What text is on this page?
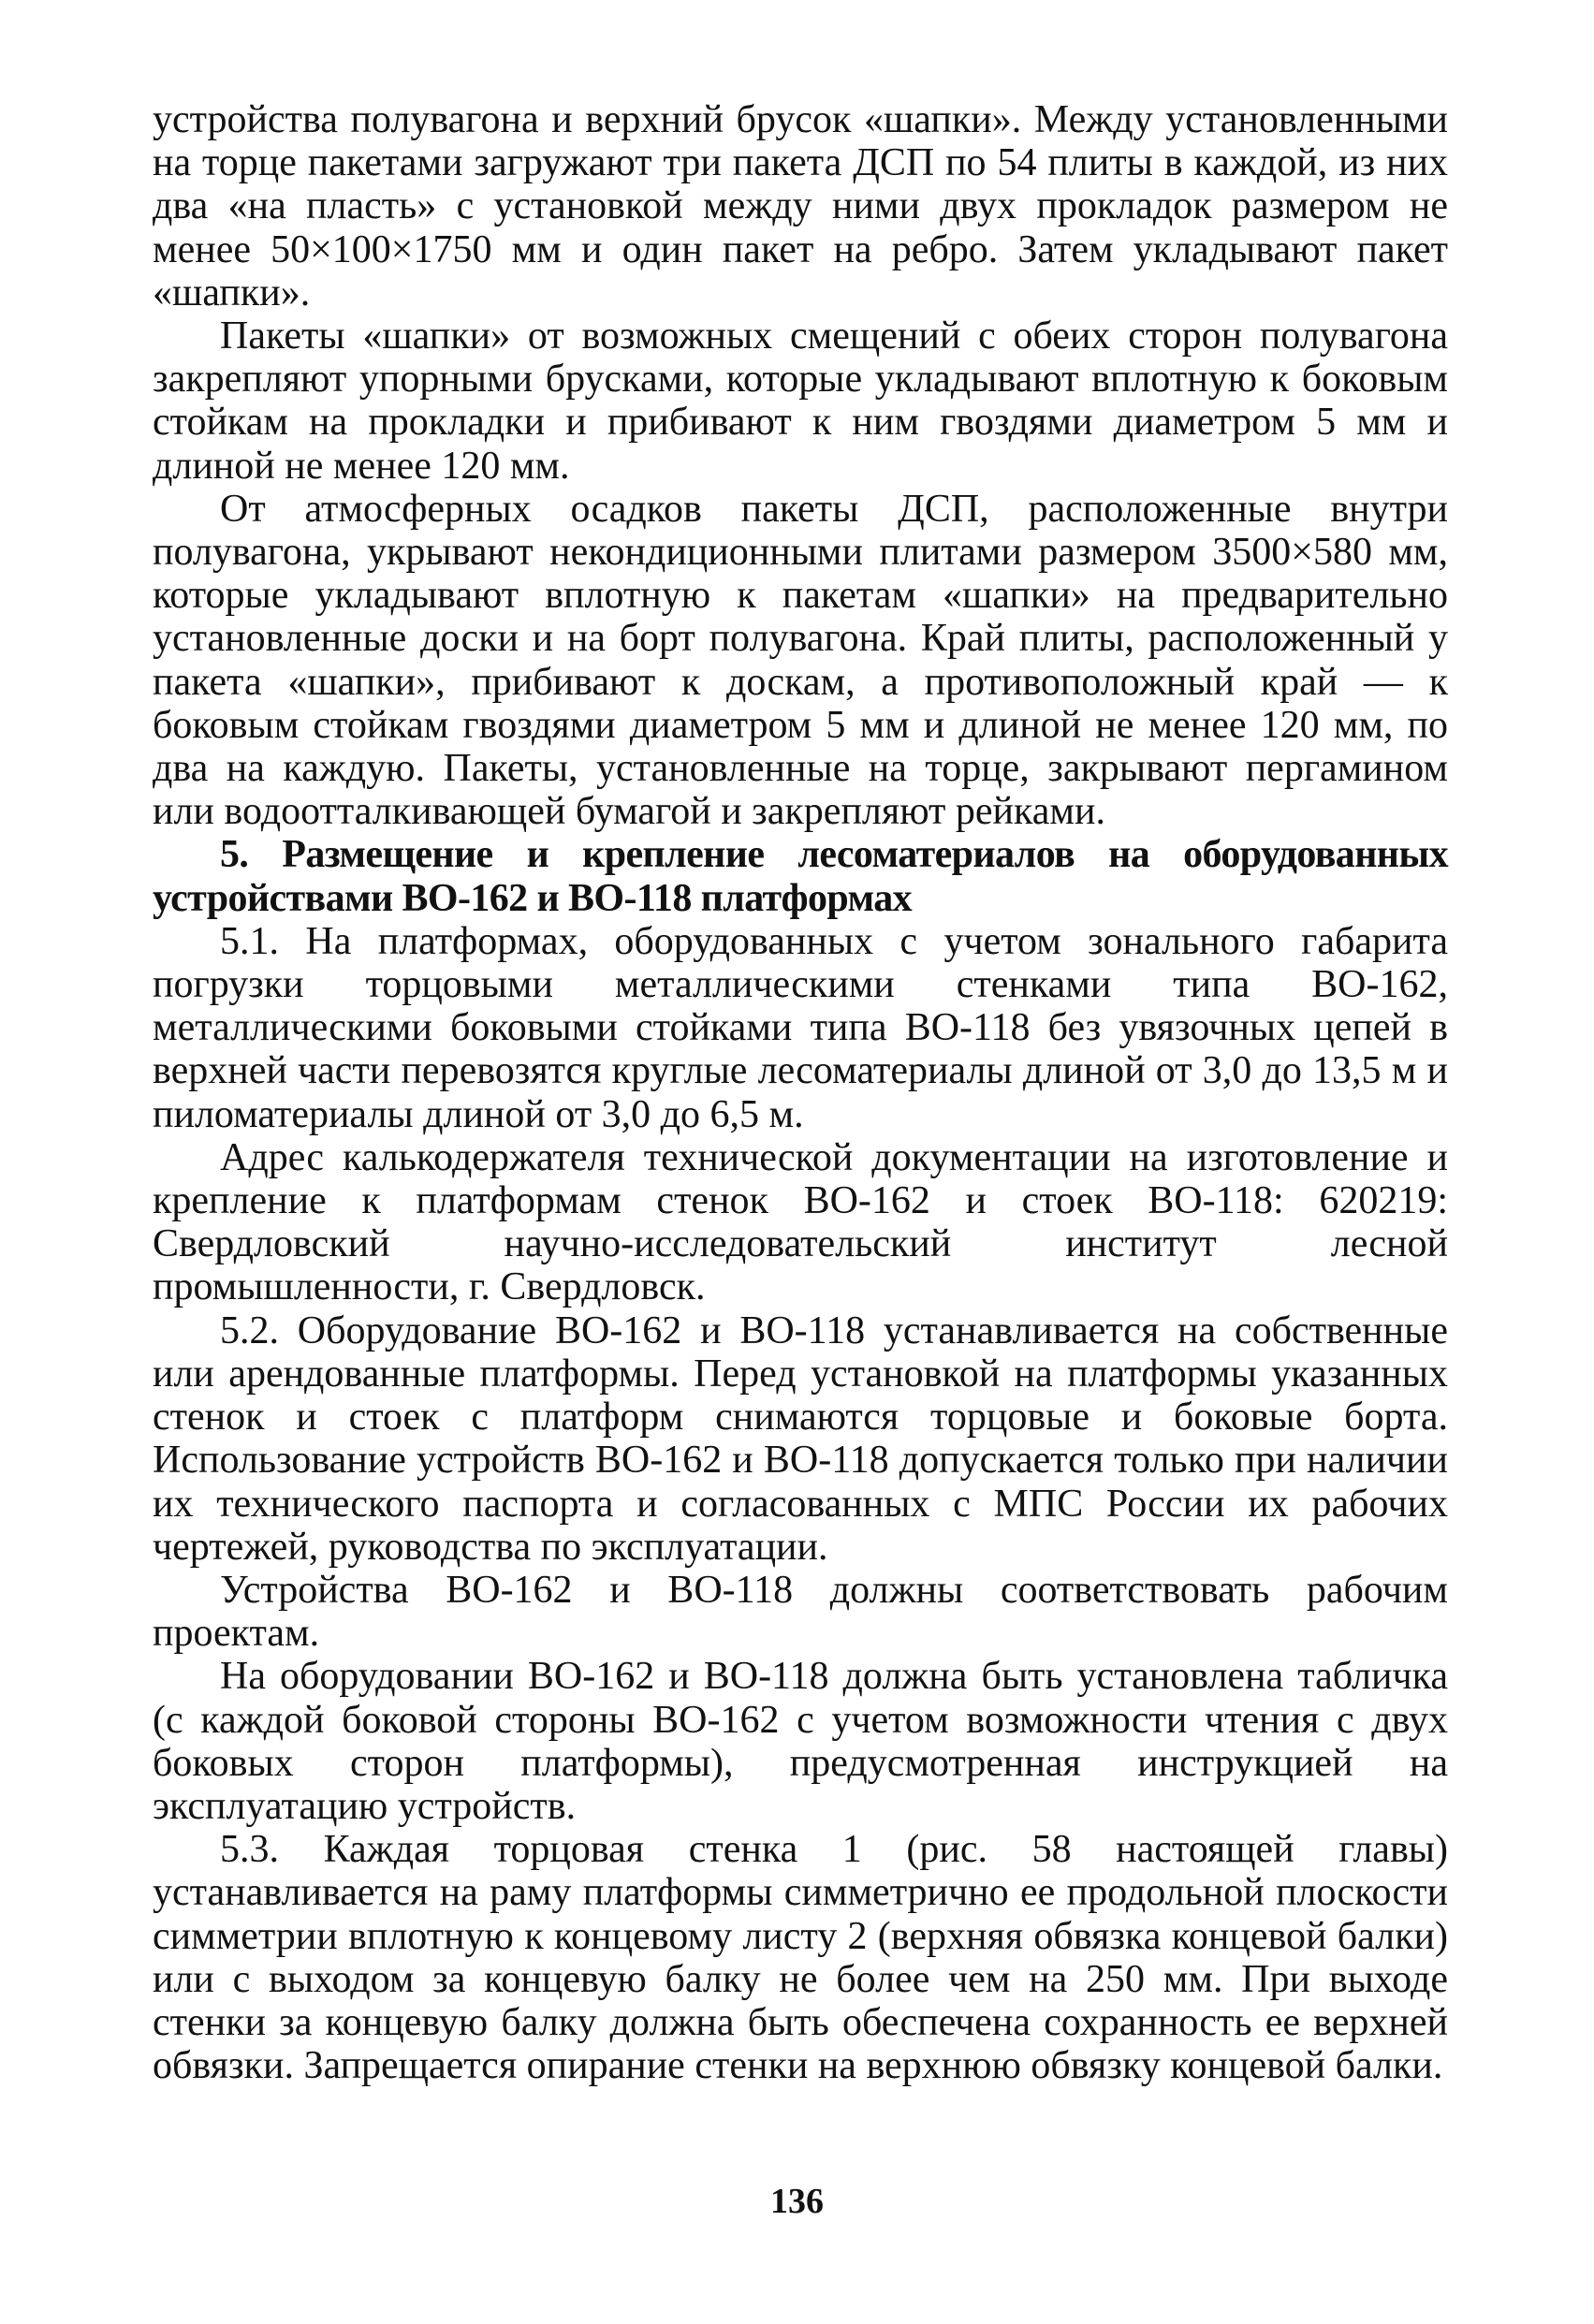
устройства полувагона и верхний брусок «шапки». Между установленными на торце пакетами загружают три пакета ДСП по 54 плиты в каждой, из них два «на пласть» с установкой между ними двух прокладок размером не менее 50×100×1750 мм и один пакет на ребро. Затем укладывают пакет «шапки».

Пакеты «шапки» от возможных смещений с обеих сторон полувагона закрепляют упорными брусками, которые укладывают вплотную к боковым стойкам на прокладки и прибивают к ним гвоздями диаметром 5 мм и длиной не менее 120 мм.

От атмосферных осадков пакеты ДСП, расположенные внутри полувагона, укрывают некондиционными плитами размером 3500×580 мм, которые укладывают вплотную к пакетам «шапки» на предварительно установленные доски и на борт полувагона. Край плиты, расположенный у пакета «шапки», прибивают к доскам, а противоположный край — к боковым стойкам гвоздями диаметром 5 мм и длиной не менее 120 мм, по два на каждую. Пакеты, установленные на торце, закрывают пергамином или водоотталкивающей бумагой и закрепляют рейками.

5. Размещение и крепление лесоматериалов на оборудованных устройствами ВО-162 и ВО-118 платформах

5.1. На платформах, оборудованных с учетом зонального габарита погрузки торцовыми металлическими стенками типа ВО-162, металлическими боковыми стойками типа ВО-118 без увязочных цепей в верхней части перевозятся круглые лесоматериалы длиной от 3,0 до 13,5 м и пиломатериалы длиной от 3,0 до 6,5 м.

Адрес калькодержателя технической документации на изготовление и крепление к платформам стенок ВО-162 и стоек ВО-118: 620219: Свердловский научно-исследовательский институт лесной промышленности, г. Свердловск.

5.2. Оборудование ВО-162 и ВО-118 устанавливается на собственные или арендованные платформы. Перед установкой на платформы указанных стенок и стоек с платформ снимаются торцовые и боковые борта. Использование устройств ВО-162 и ВО-118 допускается только при наличии их технического паспорта и согласованных с МПС России их рабочих чертежей, руководства по эксплуатации.

Устройства ВО-162 и ВО-118 должны соответствовать рабочим проектам.

На оборудовании ВО-162 и ВО-118 должна быть установлена табличка (с каждой боковой стороны ВО-162 с учетом возможности чтения с двух боковых сторон платформы), предусмотренная инструкцией на эксплуатацию устройств.

5.3. Каждая торцовая стенка 1 (рис. 58 настоящей главы) устанавливается на раму платформы симметрично ее продольной плоскости симметрии вплотную к концевому листу 2 (верхняя обвязка концевой балки) или с выходом за концевую балку не более чем на 250 мм. При выходе стенки за концевую балку должна быть обеспечена сохранность ее верхней обвязки. Запрещается опирание стенки на верхнюю обвязку концевой балки.

136
